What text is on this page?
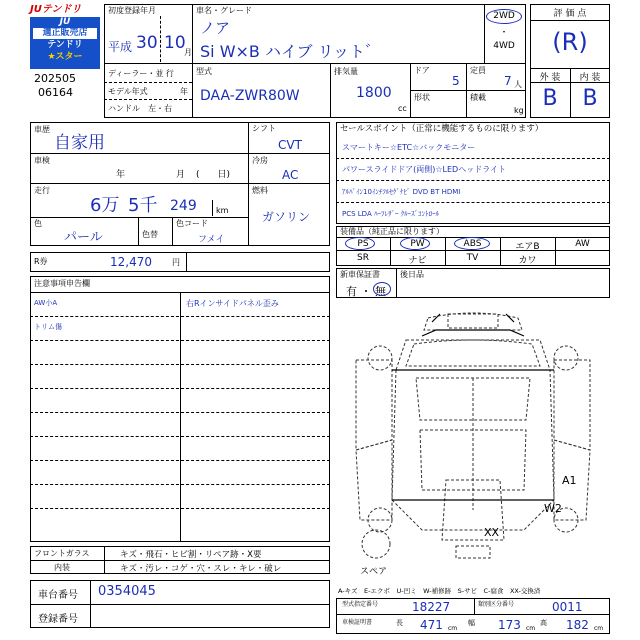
JUテンドリ
JU
適正販売店
テンドリ
★スター
202505
06164
初度登録年月
平成 30 10
月
ディーラー・並 行
モデル年式	年
ハンドル　左・右
車名・グレード
ノア
Si W×B ハイブ リット゛
2WD
・
4WD
型式
DAA-ZWR80W
排気量
1800
cc
ドア
5
形状
定員
7 人
積載
kg
評 価 点
(R)
外 装	内 装
B	B
車歴
自家用
車検
年	月 (　　日)
走行
6万 5千 249 km
色
パール	色替
色コード
フメイ
シフト
CVT
冷房
AC
燃料
ガソリン
R券	12,470	円
セールスポイント（正常に機能するものに限ります）
スマートキー☆ETC☆バックモニター
パワースライドドア(両側)☆LEDヘッドライト
ｱﾙﾊﾞｲﾝ10ｲﾝﾁﾌﾙｾｸﾞﾅﾋﾞ DVD BT HDMI
PCS LDA ﾊｰﾌﾚｻﾞｰ ｸﾙｰｽﾞｺﾝﾄﾛｰﾙ
装備品（純正品に限ります）
PS	PW	ABS	エアB	AW
SR	ナビ	TV	カワ
新車保証書
有 ・ 無
後日品
注意事項申告欄
AW小A
トリム傷
右Rインサイドパネル歪み
A1
W2
XX
スペア
フロントガラス	キズ・飛石・ヒビ割・リペア跡・X要
内装	キズ・汚レ・コゲ・穴・スレ・キレ・破レ
車台番号 0354045
登録番号
A-キズ　E-エクボ　U-凹ミ　W-補修跡　S-サビ　C-腐食　XX-交換済
型式指定番号	18227	類別区分番号	0011
車検証明書	長 471 cm
幅 173 cm
高 182 cm
